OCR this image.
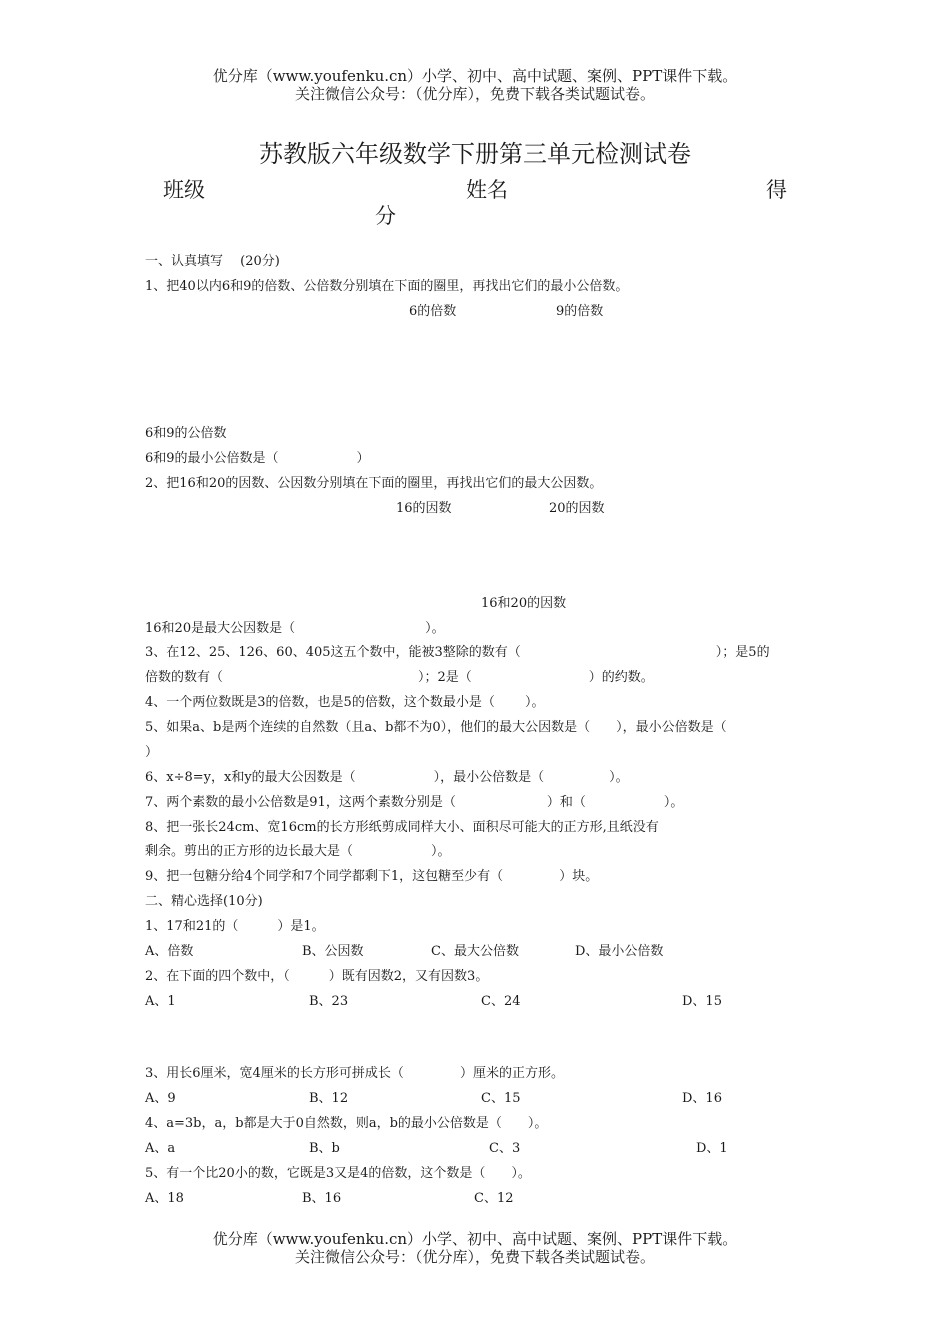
优分库（www.youfenku.cn）小学、初中、高中试题、案例、PPT课件下载。
关注微信公众号：（优分库），免费下载各类试题试卷。
苏教版六年级数学下册第三单元检测试卷
班级	姓名	得
分
一、认真填写　 (20分)
1、把40以内6和9的倍数、公倍数分别填在下面的圈里，再找出它们的最小公倍数。
6的倍数	9的倍数
6和9的公倍数
6和9的最小公倍数是（　　　　　　）
2、把16和20的因数、公因数分别填在下面的圈里，再找出它们的最大公因数。
16的因数	20的因数
16和20的因数
16和20是最大公因数是（　　　　　　　　　　）。
3、在12、25、126、60、405这五个数中，能被3整除的数有（　　　　　　　　　　　　　　　）；是5的
倍数的数有（　　　　　　　　　　　　　　　）；2是（　　　　　　　　　）的约数。
4、一个两位数既是3的倍数，也是5的倍数，这个数最小是（　　 ）。
5、如果a、b是两个连续的自然数（且a、b都不为0），他们的最大公因数是（　　），最小公倍数是（
）
6、x÷8=y，x和y的最大公因数是（　　　　　　），最小公倍数是（　　　　　）。
7、两个素数的最小公倍数是91，这两个素数分别是（　　　　　　　）和（　　　　　　）。
8、把一张长24cm、宽16cm的长方形纸剪成同样大小、面积尽可能大的正方形,且纸没有
剩余。剪出的正方形的边长最大是（　　　　　　）。
9、把一包糖分给4个同学和7个同学都剩下1，这包糖至少有（　　　　 ）块。
二、精心选择(10分)
1、17和21的（　　　）是1。
A、倍数	B、公因数	C、最大公倍数	D、最小公倍数
2、在下面的四个数中，（　　　）既有因数2，又有因数3。
A、1	B、23	C、24	D、15
3、用长6厘米，宽4厘米的长方形可拼成长（　　　　 ）厘米的正方形。
A、9	B、12	C、15	D、16
4、a=3b，a，b都是大于0自然数，则a，b的最小公倍数是（　　）。
A、a	B、b	C、3	D、1
5、有一个比20小的数，它既是3又是4的倍数，这个数是（　　）。
A、18	B、16	C、12
优分库（www.youfenku.cn）小学、初中、高中试题、案例、PPT课件下载。
关注微信公众号：（优分库），免费下载各类试题试卷。
